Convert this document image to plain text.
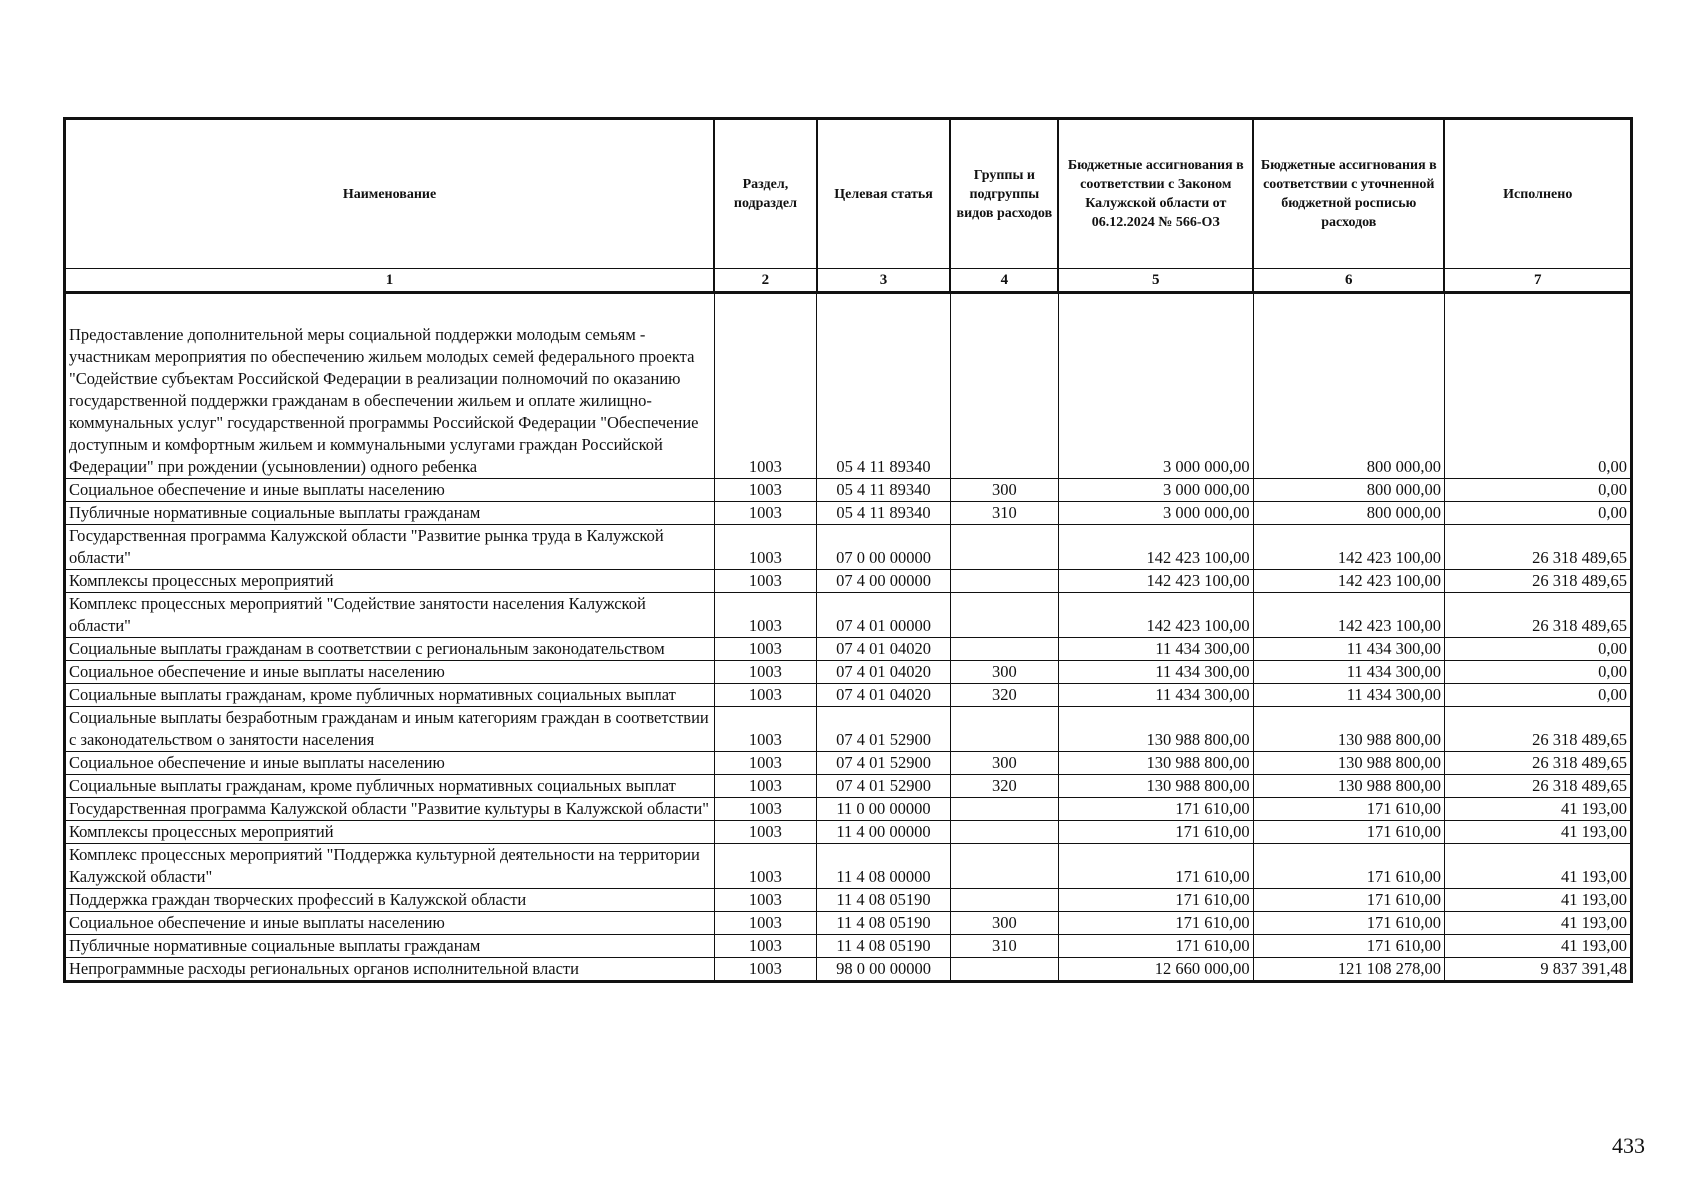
Наименование	Раздел, подраздел	Целевая статья	Группы и подгруппы видов расходов	Бюджетные ассигнования в соответствии с Законом Калужской области от 06.12.2024 № 566-ОЗ	Бюджетные ассигнования в соответствии с уточненной бюджетной росписью расходов	Исполнено
1	2	3	4	5	6	7
Предоставление дополнительной меры социальной поддержки молодым семьям - участникам мероприятия по обеспечению жильем молодых семей федерального проекта "Содействие субъектам Российской Федерации в реализации полномочий по оказанию государственной поддержки гражданам в обеспечении жильем и оплате жилищно-коммунальных услуг" государственной программы Российской Федерации "Обеспечение доступным и комфортным жильем и коммунальными услугами граждан Российской Федерации" при рождении (усыновлении) одного ребенка	1003	05 4 11 89340		3 000 000,00	800 000,00	0,00
Социальное обеспечение и иные выплаты населению	1003	05 4 11 89340	300	3 000 000,00	800 000,00	0,00
Публичные нормативные социальные выплаты гражданам	1003	05 4 11 89340	310	3 000 000,00	800 000,00	0,00
Государственная программа Калужской области "Развитие рынка труда в Калужской области"	1003	07 0 00 00000		142 423 100,00	142 423 100,00	26 318 489,65
Комплексы процессных мероприятий	1003	07 4 00 00000		142 423 100,00	142 423 100,00	26 318 489,65
Комплекс процессных мероприятий "Содействие занятости населения Калужской области"	1003	07 4 01 00000		142 423 100,00	142 423 100,00	26 318 489,65
Социальные выплаты гражданам в соответствии с региональным законодательством	1003	07 4 01 04020		11 434 300,00	11 434 300,00	0,00
Социальное обеспечение и иные выплаты населению	1003	07 4 01 04020	300	11 434 300,00	11 434 300,00	0,00
Социальные выплаты гражданам, кроме публичных нормативных социальных выплат	1003	07 4 01 04020	320	11 434 300,00	11 434 300,00	0,00
Социальные выплаты безработным гражданам и иным категориям граждан в соответствии с законодательством о занятости населения	1003	07 4 01 52900		130 988 800,00	130 988 800,00	26 318 489,65
Социальное обеспечение и иные выплаты населению	1003	07 4 01 52900	300	130 988 800,00	130 988 800,00	26 318 489,65
Социальные выплаты гражданам, кроме публичных нормативных социальных выплат	1003	07 4 01 52900	320	130 988 800,00	130 988 800,00	26 318 489,65
Государственная программа Калужской области "Развитие культуры в Калужской области"	1003	11 0 00 00000		171 610,00	171 610,00	41 193,00
Комплексы процессных мероприятий	1003	11 4 00 00000		171 610,00	171 610,00	41 193,00
Комплекс процессных мероприятий "Поддержка культурной деятельности на территории Калужской области"	1003	11 4 08 00000		171 610,00	171 610,00	41 193,00
Поддержка граждан творческих профессий в Калужской области	1003	11 4 08 05190		171 610,00	171 610,00	41 193,00
Социальное обеспечение и иные выплаты населению	1003	11 4 08 05190	300	171 610,00	171 610,00	41 193,00
Публичные нормативные социальные выплаты гражданам	1003	11 4 08 05190	310	171 610,00	171 610,00	41 193,00
Непрограммные расходы региональных органов исполнительной власти	1003	98 0 00 00000		12 660 000,00	121 108 278,00	9 837 391,48
433
